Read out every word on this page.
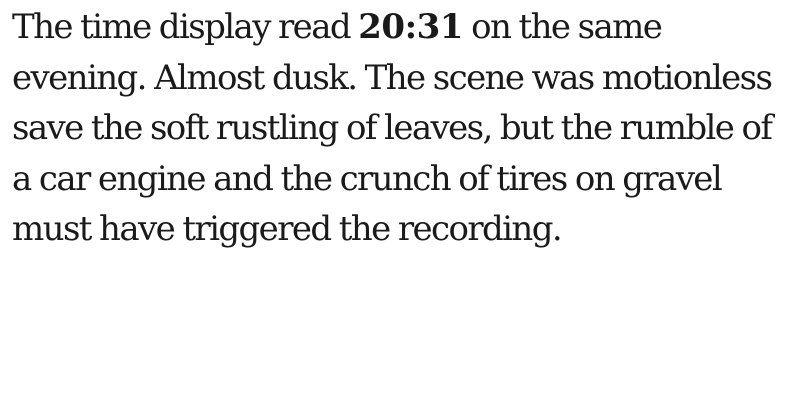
The time display read 20:31 on the same evening. Almost dusk. The scene was motionless save the soft rustling of leaves, but the rumble of a car engine and the crunch of tires on gravel must have triggered the recording.
